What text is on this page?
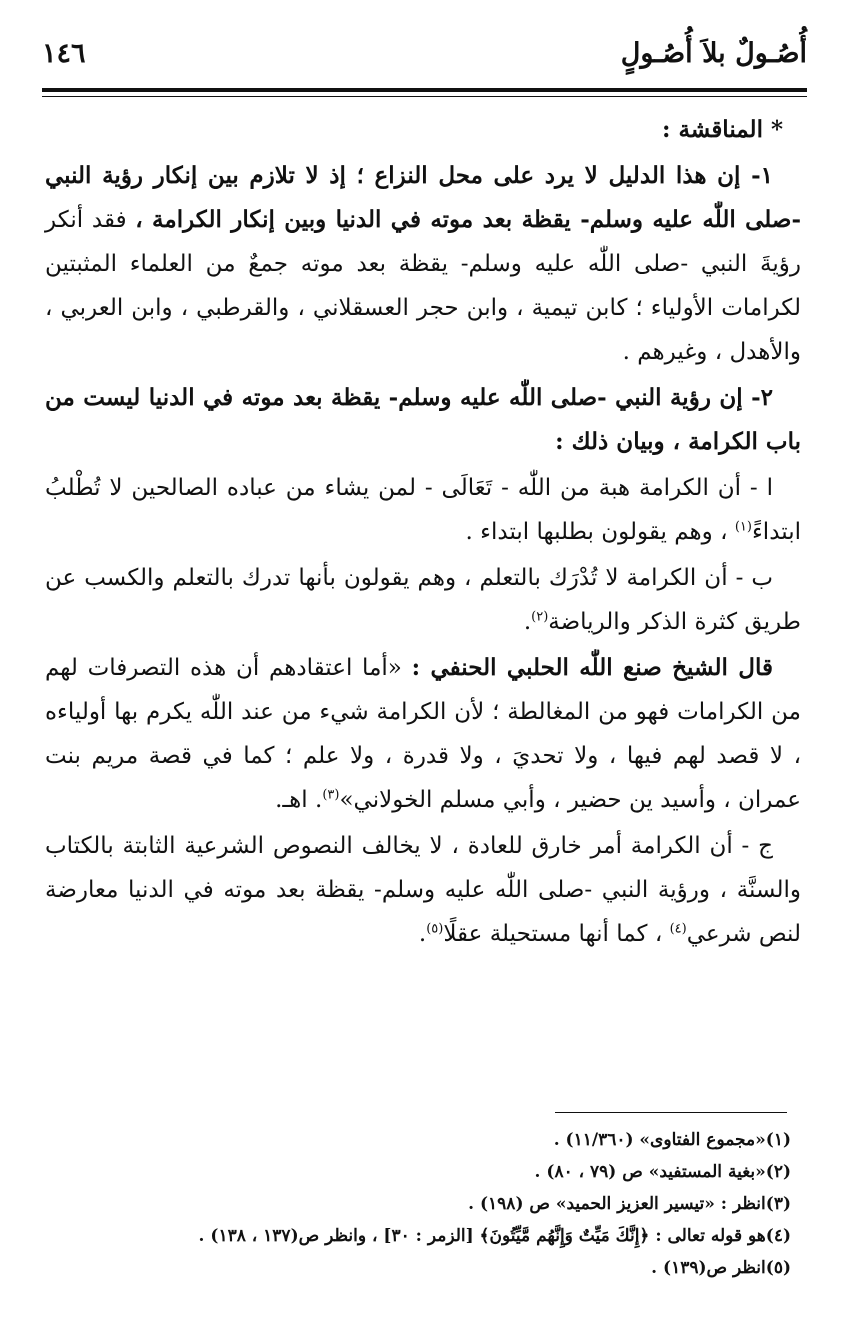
أُصُـولٌ بلاَ أُصُـولٍ
١٤٦

* المناقشة :

١- إن هذا الدليل لا يرد على محل النزاع ؛ إذ لا تلازم بين إنكار رؤية النبي -صلى اللّٰه عليه وسلم- يقظة بعد موته في الدنيا وبين إنكار الكرامة ، فقد أنكر رؤيةَ النبي -صلى اللّٰه عليه وسلم- يقظة بعد موته جمعٌ من العلماء المثبتين لكرامات الأولياء ؛ كابن تيمية ، وابن حجر العسقلاني ، والقرطبي ، وابن العربي ، والأهدل ، وغيرهم .

٢- إن رؤية النبي -صلى اللّٰه عليه وسلم- يقظة بعد موته في الدنيا ليست من باب الكرامة ، وبيان ذلك :

ا - أن الكرامة هبة من اللّٰه - تَعَالَى - لمن يشاء من عباده الصالحين لا تُطْلبُ ابتداءً$^{(١)}$ ، وهم يقولون بطلبها ابتداء .

ب - أن الكرامة لا تُدْرَك بالتعلم ، وهم يقولون بأنها تدرك بالتعلم والكسب عن طريق كثرة الذكر والرياضة$^{(٢)}$.

قال الشيخ صنع اللّٰه الحلبي الحنفي : «أما اعتقادهم أن هذه التصرفات لهم من الكرامات فهو من المغالطة ؛ لأن الكرامة شيء من عند اللّٰه يكرم بها أولياءه ، لا قصد لهم فيها ، ولا تحديَ ، ولا قدرة ، ولا علم ؛ كما في قصة مريم بنت عمران ، وأسيد ين حضير ، وأبي مسلم الخولاني»$^{(٣)}$. اهـ.

ج - أن الكرامة أمر خارق للعادة ، لا يخالف النصوص الشرعية الثابتة بالكتاب والسنَّة ، ورؤية النبي -صلى اللّٰه عليه وسلم- يقظة بعد موته في الدنيا معارضة لنص شرعي$^{(٤)}$ ، كما أنها مستحيلة عقلًا$^{(٥)}$.

(١)«مجموع الفتاوى» (١١/٣٦٠) .
(٢)«بغية المستفيد» ص (٧٩ ، ٨٠) .
(٣)انظر : «تيسير العزيز الحميد» ص (١٩٨) .
(٤)هو قوله تعالى : ﴿إِنَّكَ مَيِّتٌ وَإِنَّهُم مَّيِّتُونَ﴾ [الزمر : ٣٠] ، وانظر ص(١٣٧ ، ١٣٨) .
(٥)انظر ص(١٣٩) .
